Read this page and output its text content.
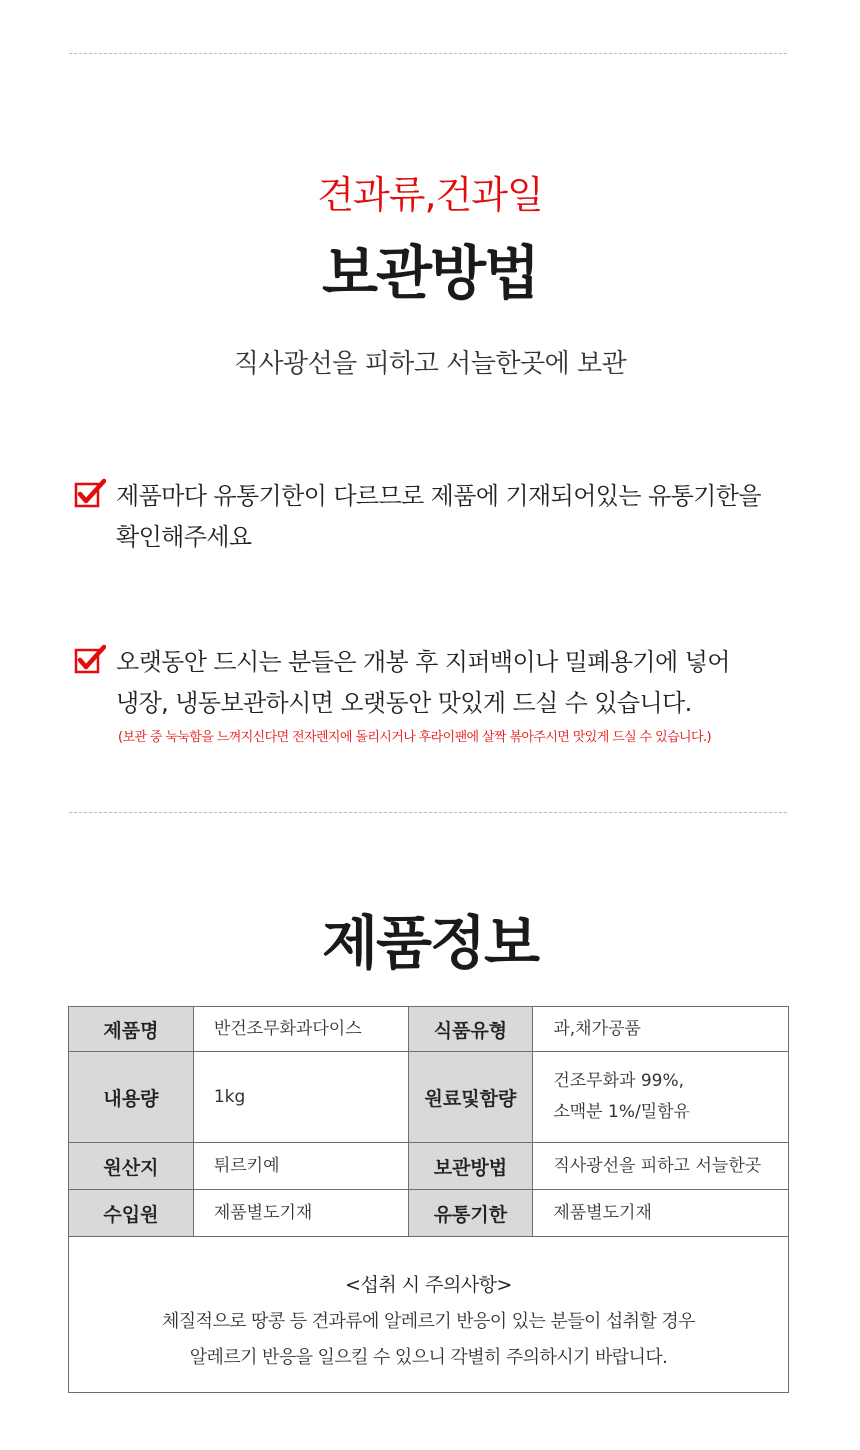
견과류,건과일
보관방법
직사광선을 피하고 서늘한곳에 보관
제품마다 유통기한이 다르므로 제품에 기재되어있는 유통기한을
확인해주세요
오랫동안 드시는 분들은 개봉 후 지퍼백이나 밀폐용기에 넣어
냉장, 냉동보관하시면 오랫동안 맛있게 드실 수 있습니다.
(보관 중 눅눅함을 느껴지신다면 전자렌지에 돌리시거나 후라이팬에 살짝 볶아주시면 맛있게 드실 수 있습니다.)
제품정보
제품명	반건조무화과다이스	식품유형	과,채가공품
내용량	1kg	원료및함량	건조무화과 99%,
소맥분 1%/밀함유

원산지	튀르키예	보관방법	직사광선을 피하고 서늘한곳
수입원	제품별도기재	유통기한	제품별도기재

<섭취 시 주의사항>
체질적으로 땅콩 등 견과류에 알레르기 반응이 있는 분들이 섭취할 경우
알레르기 반응을 일으킬 수 있으니 각별히 주의하시기 바랍니다.			
